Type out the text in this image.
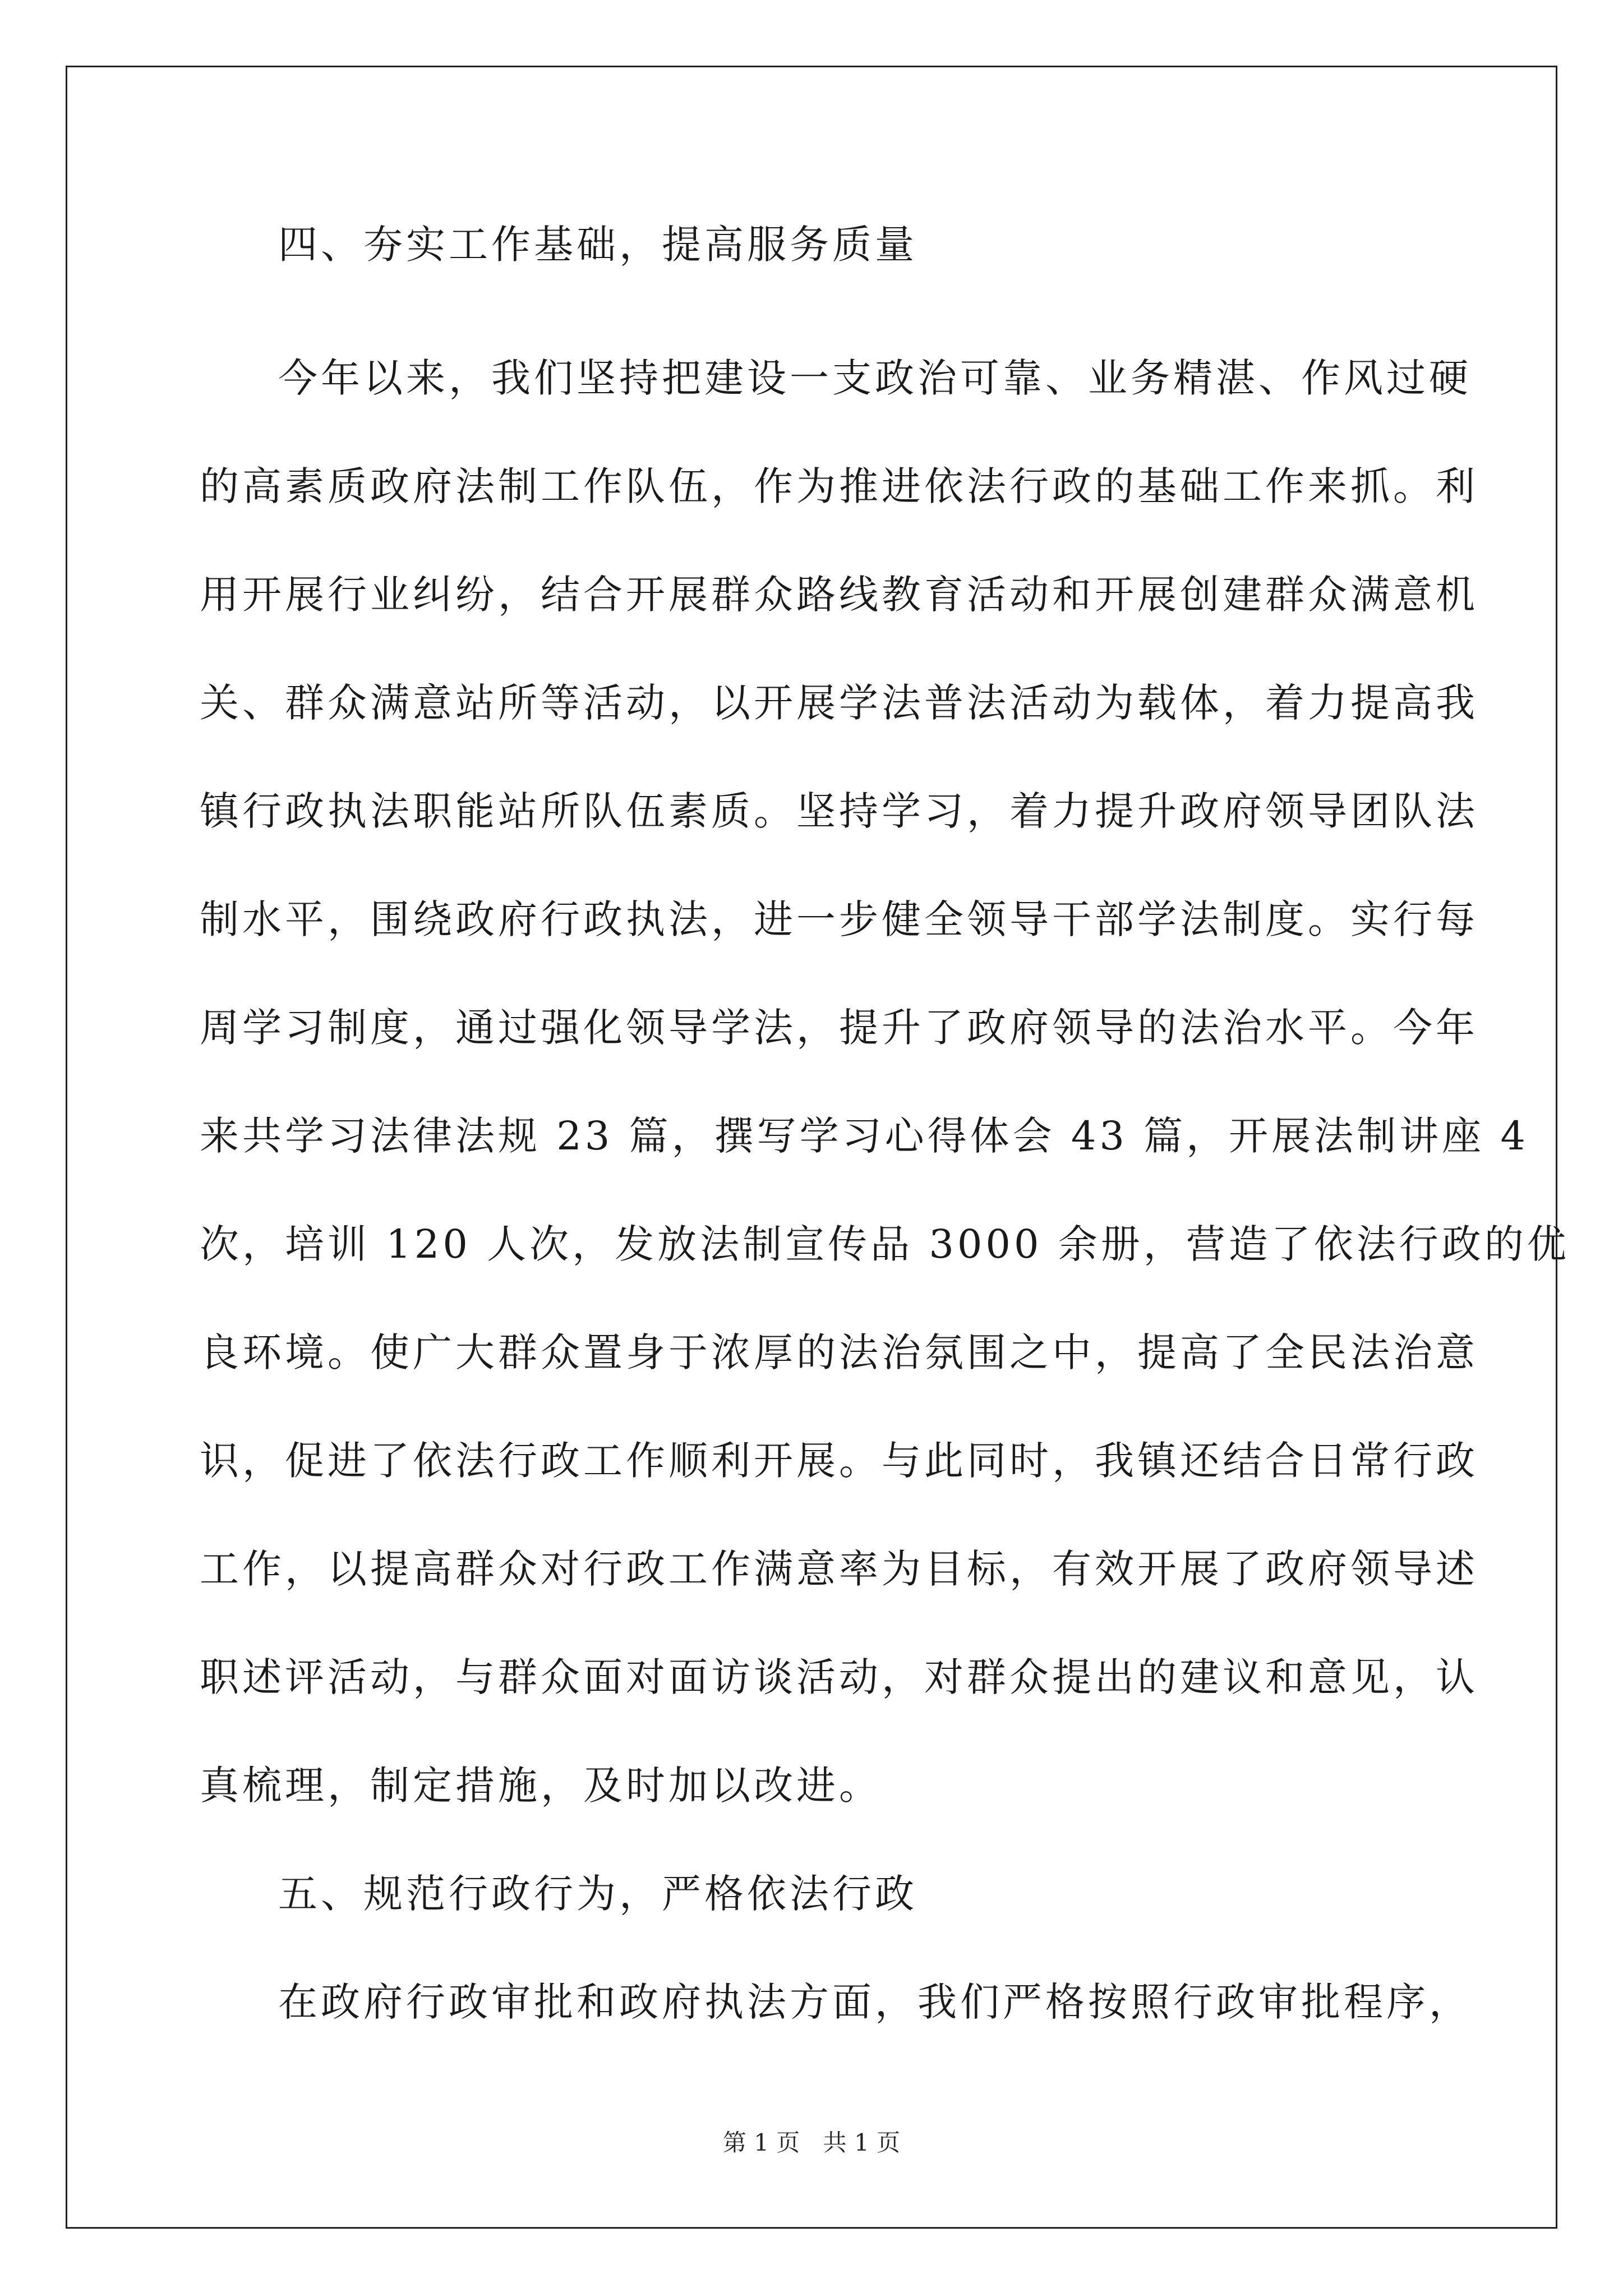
四、夯实工作基础，提高服务质量
今年以来，我们坚持把建设一支政治可靠、业务精湛、作风过硬
的高素质政府法制工作队伍，作为推进依法行政的基础工作来抓。利
用开展行业纠纷，结合开展群众路线教育活动和开展创建群众满意机
关、群众满意站所等活动，以开展学法普法活动为载体，着力提高我
镇行政执法职能站所队伍素质。坚持学习，着力提升政府领导团队法
制水平，围绕政府行政执法，进一步健全领导干部学法制度。实行每
周学习制度，通过强化领导学法，提升了政府领导的法治水平。今年
来共学习法律法规 23 篇，撰写学习心得体会 43 篇，开展法制讲座 4
次，培训 120 人次，发放法制宣传品 3000 余册，营造了依法行政的优
良环境。使广大群众置身于浓厚的法治氛围之中，提高了全民法治意
识，促进了依法行政工作顺利开展。与此同时，我镇还结合日常行政
工作，以提高群众对行政工作满意率为目标，有效开展了政府领导述
职述评活动，与群众面对面访谈活动，对群众提出的建议和意见，认
真梳理，制定措施，及时加以改进。
五、规范行政行为，严格依法行政
在政府行政审批和政府执法方面，我们严格按照行政审批程序，
第 1 页 共 1 页
